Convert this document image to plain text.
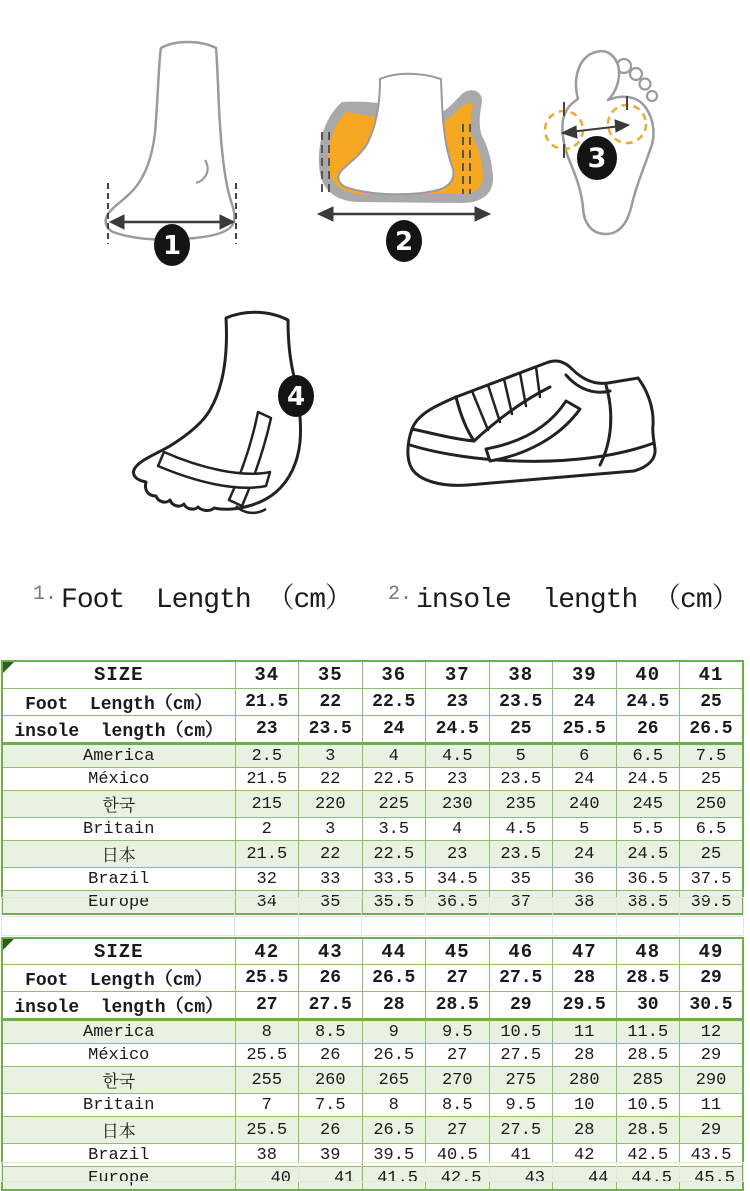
1	2
3
4
1. Foot  Length （cm） 2. insole  length （cm）
SIZE	34	35	36	37	38	39	40	41
Foot  Length（cm）	21.5	22	22.5	23	23.5	24	24.5	25
insole  length（cm）	23	23.5	24	24.5	25	25.5	26	26.5
America	2.5	3	4	4.5	5	6	6.5	7.5
México	21.5	22	22.5	23	23.5	24	24.5	25
한국	215	220	225	230	235	240	245	250
Britain	2	3	3.5	4	4.5	5	5.5	6.5
日本	21.5	22	22.5	23	23.5	24	24.5	25
Brazil	32	33	33.5	34.5	35	36	36.5	37.5
Europe	34	35	35.5	36.5	37	38	38.5	39.5

SIZE	42	43	44	45	46	47	48	49
Foot  Length（cm）	25.5	26	26.5	27	27.5	28	28.5	29
insole  length（cm）	27	27.5	28	28.5	29	29.5	30	30.5
America	8	8.5	9	9.5	10.5	11	11.5	12
México	25.5	26	26.5	27	27.5	28	28.5	29
한국	255	260	265	270	275	280	285	290
Britain	7	7.5	8	8.5	9.5	10	10.5	11
日本	25.5	26	26.5	27	27.5	28	28.5	29
Brazil	38	39	39.5	40.5	41	42	42.5	43.5
Europe	40	41	41.5	42.5	43	44	44.5	45.5
